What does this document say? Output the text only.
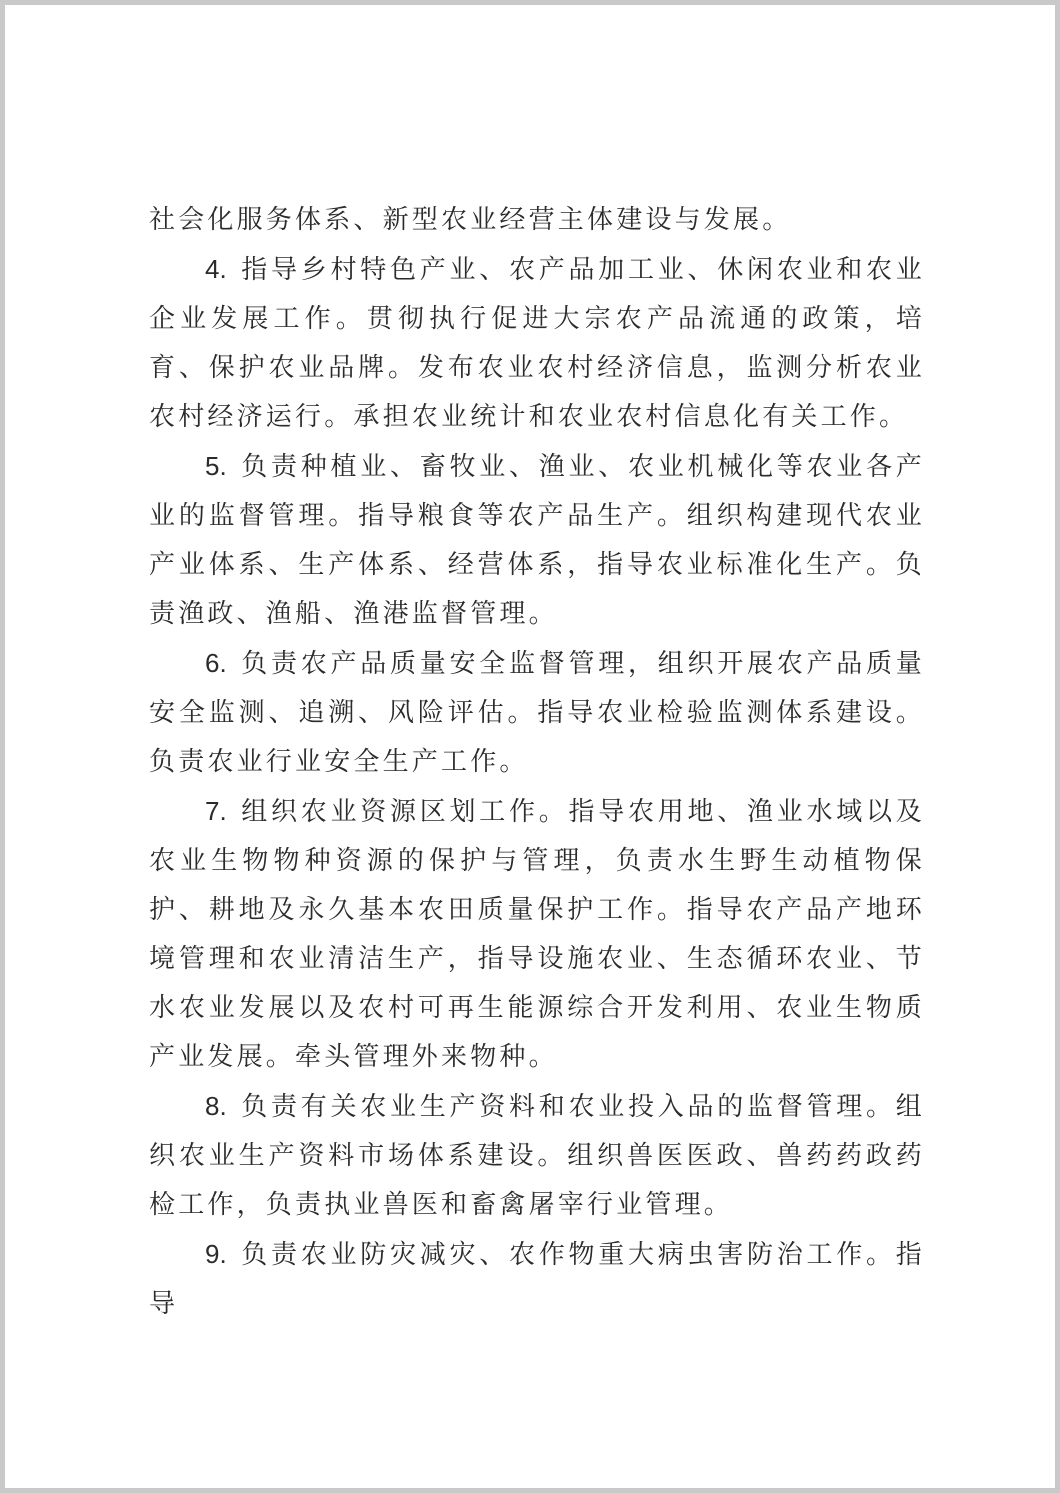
社会化服务体系、新型农业经营主体建设与发展。

4. 指导乡村特色产业、农产品加工业、休闲农业和农业企业发展工作。贯彻执行促进大宗农产品流通的政策，培育、保护农业品牌。发布农业农村经济信息，监测分析农业农村经济运行。承担农业统计和农业农村信息化有关工作。

5. 负责种植业、畜牧业、渔业、农业机械化等农业各产业的监督管理。指导粮食等农产品生产。组织构建现代农业产业体系、生产体系、经营体系，指导农业标准化生产。负责渔政、渔船、渔港监督管理。

6. 负责农产品质量安全监督管理，组织开展农产品质量安全监测、追溯、风险评估。指导农业检验监测体系建设。负责农业行业安全生产工作。

7. 组织农业资源区划工作。指导农用地、渔业水域以及农业生物物种资源的保护与管理，负责水生野生动植物保护、耕地及永久基本农田质量保护工作。指导农产品产地环境管理和农业清洁生产，指导设施农业、生态循环农业、节水农业发展以及农村可再生能源综合开发利用、农业生物质产业发展。牵头管理外来物种。

8. 负责有关农业生产资料和农业投入品的监督管理。组织农业生产资料市场体系建设。组织兽医医政、兽药药政药检工作，负责执业兽医和畜禽屠宰行业管理。

9. 负责农业防灾减灾、农作物重大病虫害防治工作。指导
